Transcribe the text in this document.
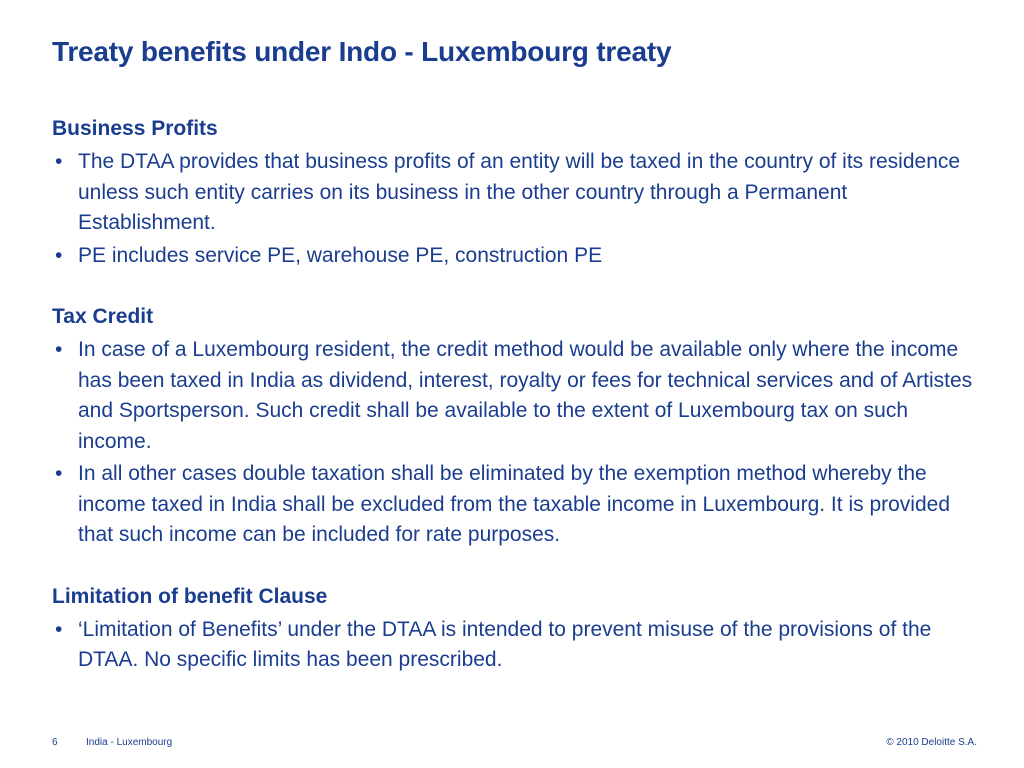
Treaty benefits under Indo - Luxembourg treaty
Business Profits
• The DTAA provides that business profits of an entity will be taxed in the country of its residence unless such entity carries on its business in the other country through a Permanent Establishment.
• PE includes service PE, warehouse PE, construction PE
Tax Credit
• In case of a Luxembourg resident, the credit method would be available only where the income has been taxed in India as dividend, interest, royalty or fees for technical services and of Artistes and Sportsperson. Such credit shall be available to the extent of Luxembourg tax on such income.
• In all other cases double taxation shall be eliminated by the exemption method whereby the income taxed in India shall be excluded from the taxable income in Luxembourg. It is provided that such income can be included for rate purposes.
Limitation of benefit Clause
• ‘Limitation of Benefits’ under the DTAA is intended to prevent misuse of the provisions of the DTAA. No specific limits has been prescribed.
6	India - Luxembourg	© 2010 Deloitte S.A.
